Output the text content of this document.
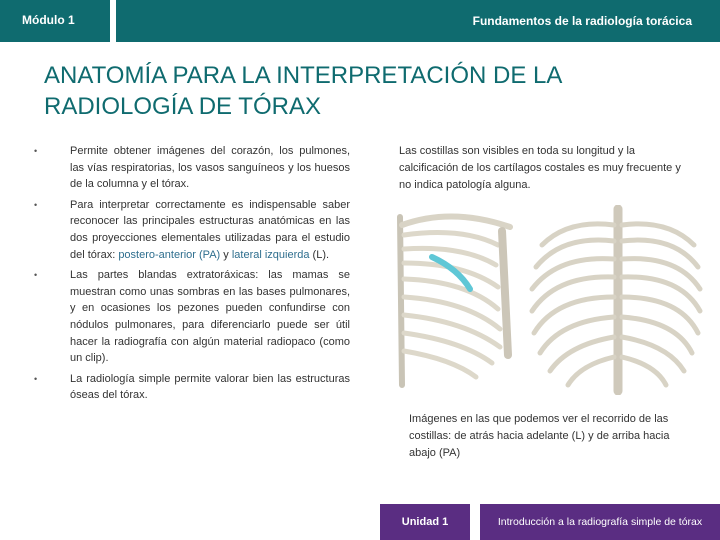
Módulo 1	Fundamentos de la radiología torácica
ANATOMÍA PARA LA INTERPRETACIÓN DE LA RADIOLOGÍA DE TÓRAX
•	Permite obtener imágenes del corazón, los pulmones, las vías respiratorias, los vasos sanguíneos y los huesos de la columna y el tórax.
•	Para interpretar correctamente es indispensable saber reconocer las principales estructuras anatómicas en las dos proyecciones elementales utilizadas para el estudio del tórax: postero-anterior (PA) y lateral izquierda (L).
•	Las partes blandas extratoráxicas: las mamas se muestran como unas sombras en las bases pulmonares, y en ocasiones los pezones pueden confundirse con nódulos pulmonares, para diferenciarlo puede ser útil hacer la radiografía con algún material radiopaco (como un clip).
•	La radiología simple permite valorar bien las estructuras óseas del tórax.

Las costillas son visibles en toda su longitud y la calcificación de los cartílagos costales es muy frecuente y no indica patología alguna.

Imágenes en las que podemos ver el recorrido de las costillas: de atrás hacia adelante (L) y de arriba hacia abajo (PA)

Unidad 1	Introducción a la radiografía simple de tórax
